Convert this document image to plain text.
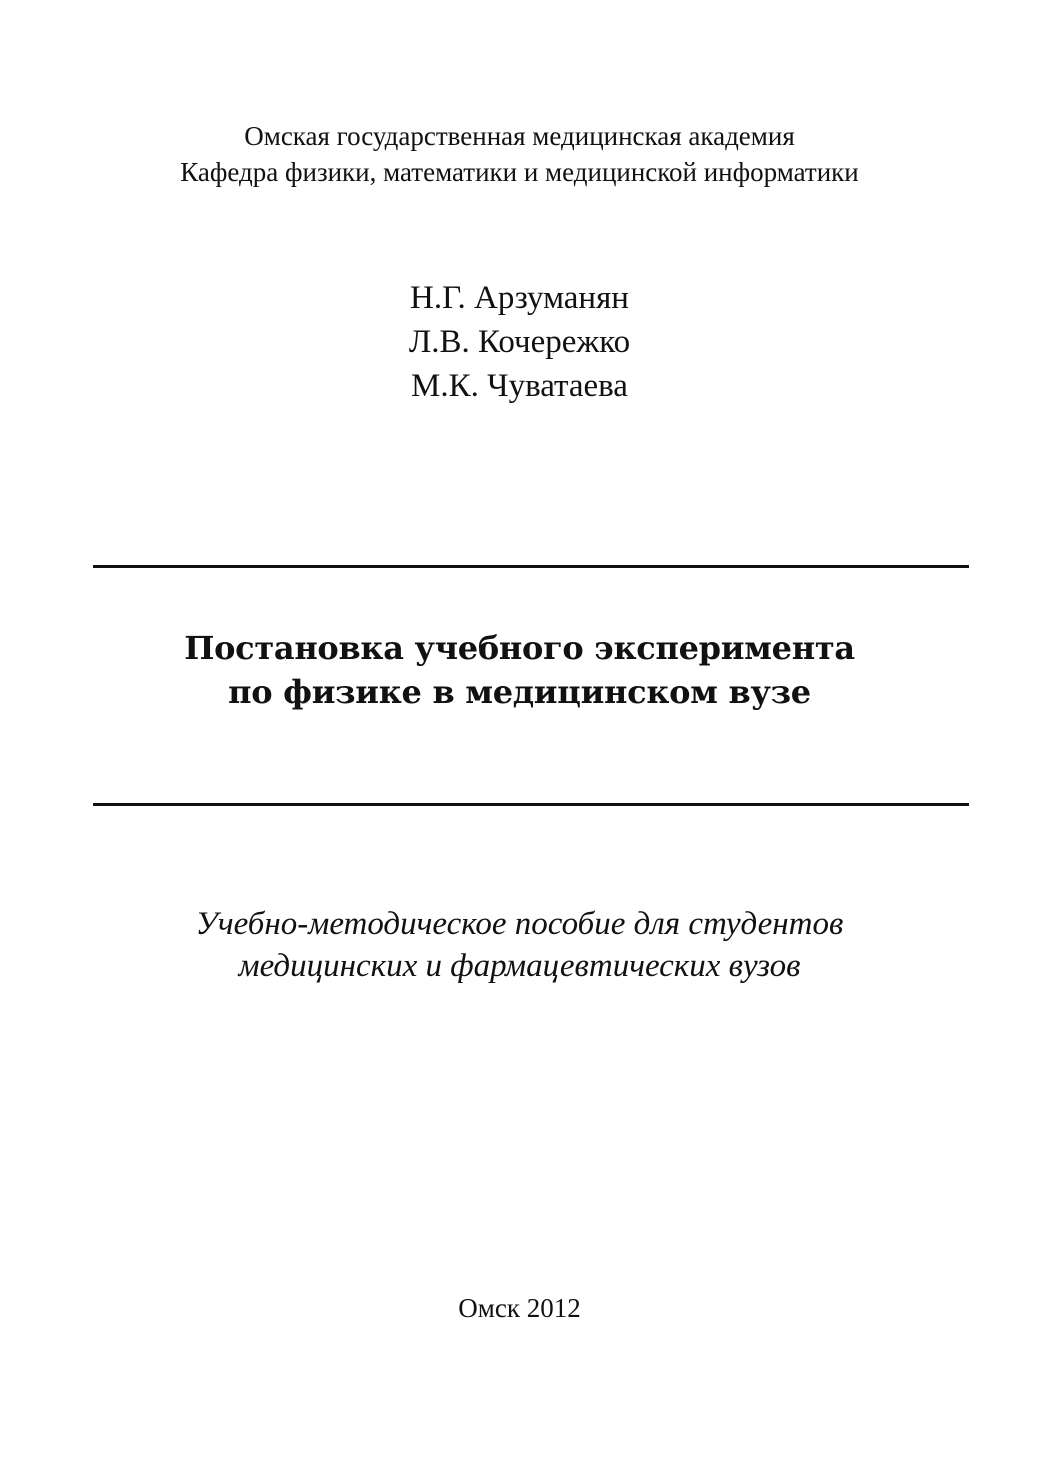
Омская государственная медицинская академия
Кафедра физики, математики и медицинской информатики
Н.Г. Арзуманян
Л.В. Кочережко
М.К. Чуватаева
Постановка учебного эксперимента
по физике в медицинском вузе
Учебно-методическое пособие для студентов
медицинских и фармацевтических вузов
Омск 2012
